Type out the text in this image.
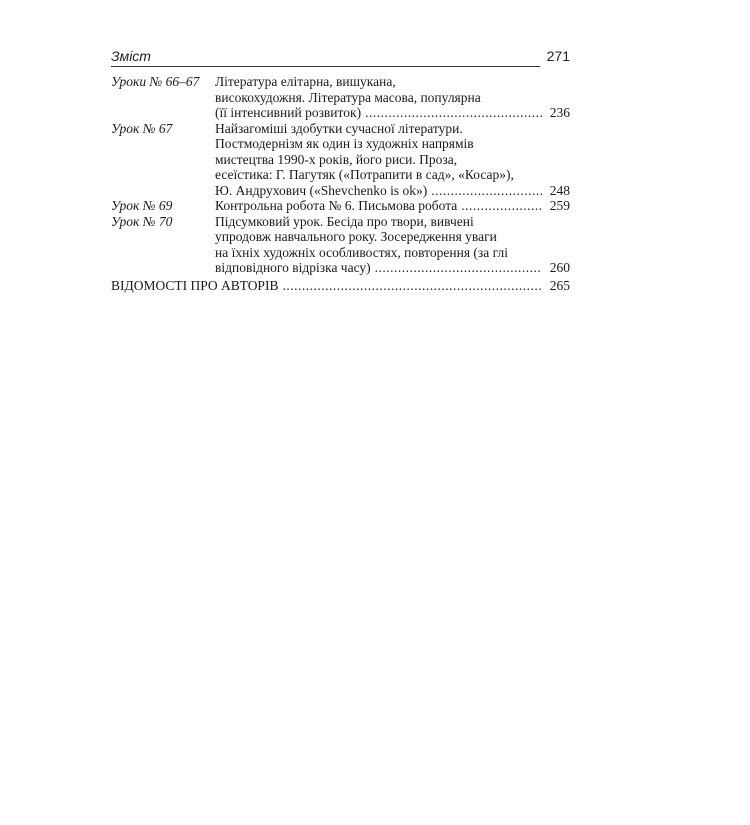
Зміст	271
Уроки № 66–67 Література елітарна, вишукана,
високохудожня. Література масова, популярна
(її інтенсивний розвиток) .....	236
Урок № 67	Найзагоміші здобутки сучасної літератури.
Постмодернізм як один із художніх напрямів
мистецтва 1990-х років, його риси. Проза,
есеїстика: Г. Пагутяк («Потрапити в сад», «Косар»),
Ю. Андрухович («Shevchenko is ok») .....	248
Урок № 69	Контрольна робота № 6. Письмова робота .....	259
Урок № 70	Підсумковий урок. Бесіда про твори, вивчені
упродовж навчального року. Зосередження уваги
на їхніх художніх особливостях, повторення (за глі
відповідного відрізка часу) .....	260
ВІДОМОСТІ ПРО АВТОРІВ .....	265
